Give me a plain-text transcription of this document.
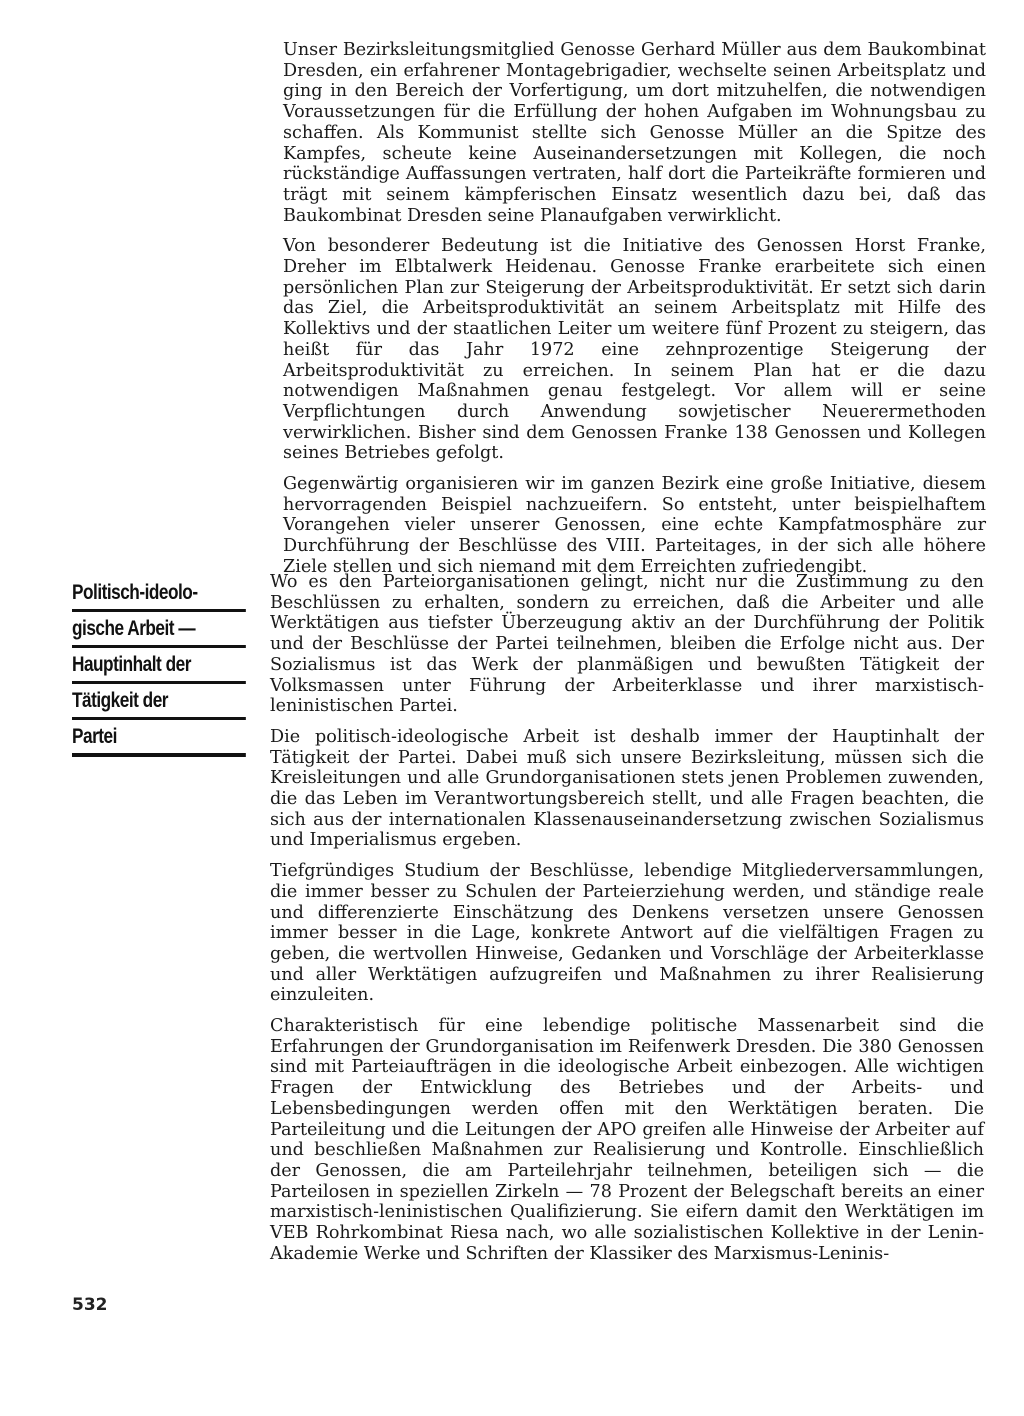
Unser Bezirksleitungsmitglied Genosse Gerhard Müller aus dem Baukombinat Dresden, ein erfahrener Montagebrigadier, wechselte seinen Arbeitsplatz und ging in den Bereich der Vorfertigung, um dort mitzuhelfen, die notwendigen Voraussetzungen für die Erfüllung der hohen Aufgaben im Wohnungsbau zu schaffen. Als Kommunist stellte sich Genosse Müller an die Spitze des Kampfes, scheute keine Auseinandersetzungen mit Kollegen, die noch rückständige Auffassungen vertraten, half dort die Parteikräfte formieren und trägt mit seinem kämpferischen Einsatz wesentlich dazu bei, daß das Baukombinat Dresden seine Planaufgaben verwirklicht.

Von besonderer Bedeutung ist die Initiative des Genossen Horst Franke, Dreher im Elbtalwerk Heidenau. Genosse Franke erarbeitete sich einen persönlichen Plan zur Steigerung der Arbeitsproduktivität. Er setzt sich darin das Ziel, die Arbeitsproduktivität an seinem Arbeitsplatz mit Hilfe des Kollektivs und der staatlichen Leiter um weitere fünf Prozent zu steigern, das heißt für das Jahr 1972 eine zehnprozentige Steigerung der Arbeitsproduktivität zu erreichen. In seinem Plan hat er die dazu notwendigen Maßnahmen genau festgelegt. Vor allem will er seine Verpflichtungen durch Anwendung sowjetischer Neuerermethoden verwirklichen. Bisher sind dem Genossen Franke 138 Genossen und Kollegen seines Betriebes gefolgt.

Gegenwärtig organisieren wir im ganzen Bezirk eine große Initiative, diesem hervorragenden Beispiel nachzueifern. So entsteht, unter beispielhaftem Vorangehen vieler unserer Genossen, eine echte Kampfatmosphäre zur Durchführung der Beschlüsse des VIII. Parteitages, in der sich alle höhere Ziele stellen und sich niemand mit dem Erreichten zufriedengibt.

Politisch-ideolo-
gische Arbeit —
Hauptinhalt der
Tätigkeit der
Partei

Wo es den Parteiorganisationen gelingt, nicht nur die Zustimmung zu den Beschlüssen zu erhalten, sondern zu erreichen, daß die Arbeiter und alle Werktätigen aus tiefster Überzeugung aktiv an der Durchführung der Politik und der Beschlüsse der Partei teilnehmen, bleiben die Erfolge nicht aus. Der Sozialismus ist das Werk der planmäßigen und bewußten Tätigkeit der Volksmassen unter Führung der Arbeiterklasse und ihrer marxistisch-leninistischen Partei.

Die politisch-ideologische Arbeit ist deshalb immer der Hauptinhalt der Tätigkeit der Partei. Dabei muß sich unsere Bezirksleitung, müssen sich die Kreisleitungen und alle Grundorganisationen stets jenen Problemen zuwenden, die das Leben im Verantwortungsbereich stellt, und alle Fragen beachten, die sich aus der internationalen Klassenauseinandersetzung zwischen Sozialismus und Imperialismus ergeben.

Tiefgründiges Studium der Beschlüsse, lebendige Mitgliederversammlungen, die immer besser zu Schulen der Parteierziehung werden, und ständige reale und differenzierte Einschätzung des Denkens versetzen unsere Genossen immer besser in die Lage, konkrete Antwort auf die vielfältigen Fragen zu geben, die wertvollen Hinweise, Gedanken und Vorschläge der Arbeiterklasse und aller Werktätigen aufzugreifen und Maßnahmen zu ihrer Realisierung einzuleiten.

Charakteristisch für eine lebendige politische Massenarbeit sind die Erfahrungen der Grundorganisation im Reifenwerk Dresden. Die 380 Genossen sind mit Parteiaufträgen in die ideologische Arbeit einbezogen. Alle wichtigen Fragen der Entwicklung des Betriebes und der Arbeits- und Lebensbedingungen werden offen mit den Werktätigen beraten. Die Parteileitung und die Leitungen der APO greifen alle Hinweise der Arbeiter auf und beschließen Maßnahmen zur Realisierung und Kontrolle. Einschließlich der Genossen, die am Parteilehrjahr teilnehmen, beteiligen sich — die Parteilosen in speziellen Zirkeln — 78 Prozent der Belegschaft bereits an einer marxistisch-leninistischen Qualifizierung. Sie eifern damit den Werktätigen im VEB Rohrkombinat Riesa nach, wo alle sozialistischen Kollektive in der Lenin-Akademie Werke und Schriften der Klassiker des Marxismus-Leninis-

532
